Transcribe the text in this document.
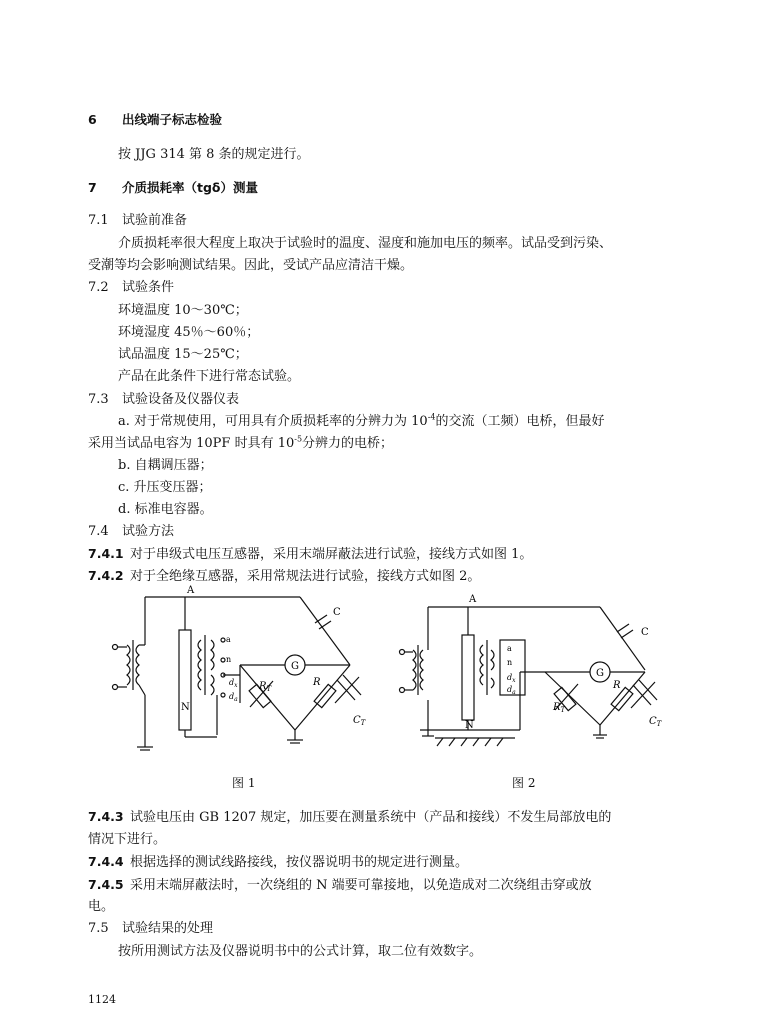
6 出线端子标志检验
按 JJG 314 第 8 条的规定进行。
7 介质损耗率（tgδ）测量
7.1 试验前准备
介质损耗率很大程度上取决于试验时的温度、湿度和施加电压的频率。试品受到污染、
受潮等均会影响测试结果。因此，受试产品应清洁干燥。
7.2 试验条件
环境温度 10～30℃；
环境湿度 45％～60％；
试品温度 15～25℃；
产品在此条件下进行常态试验。
7.3 试验设备及仪器仪表
a. 对于常规使用，可用具有介质损耗率的分辨力为 $10^{-4}$的交流（工频）电桥，但最好
采用当试品电容为 10PF 时具有 $10^{-5}$分辨力的电桥；
b. 自耦调压器；
c. 升压变压器；
d. 标准电容器。
7.4 试验方法
7.4.1 对于串级式电压互感器，采用末端屏蔽法进行试验，接线方式如图 1。
7.4.2 对于全绝缘互感器，采用常规法进行试验，接线方式如图 2。
A
N
C
G
$R_T$
R
$C_T$
a
n
$d_x$
$d_a$
A
N
C
G
$R_T$
R
$C_T$
a
n
$d_x$
$d_a$
图 1	图 2
7.4.3 试验电压由 GB 1207 规定，加压要在测量系统中（产品和接线）不发生局部放电的
情况下进行。
7.4.4 根据选择的测试线路接线，按仪器说明书的规定进行测量。
7.4.5 采用末端屏蔽法时，一次绕组的 N 端要可靠接地，以免造成对二次绕组击穿或放
电。
7.5 试验结果的处理
按所用测试方法及仪器说明书中的公式计算，取二位有效数字。
1124
